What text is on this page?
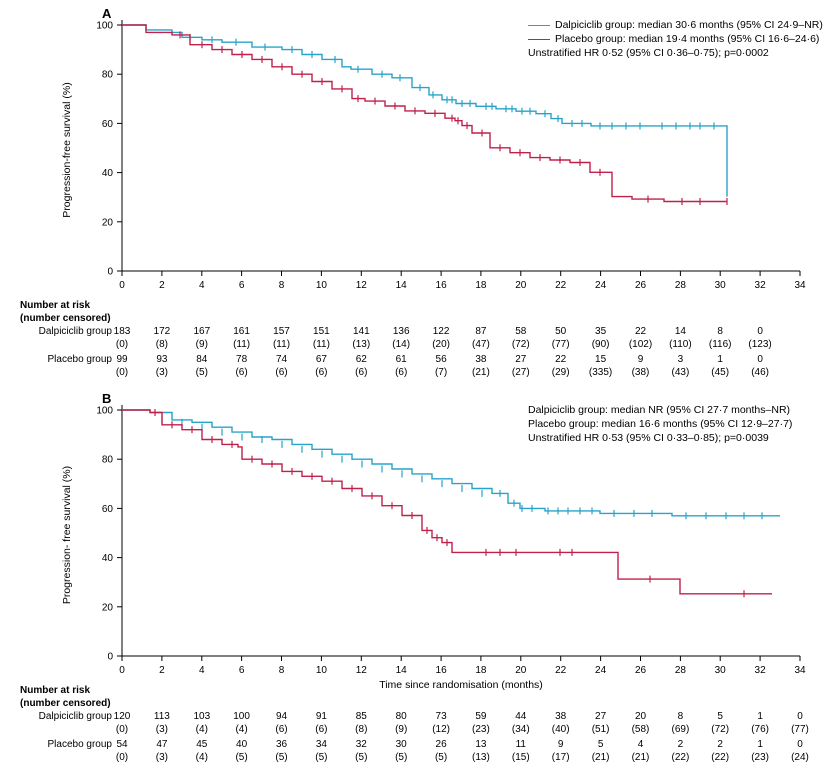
A
Dalpiciclib group: median 30·6 months (95% CI 24·9–NR)
Placebo group: median 19·4 months (95% CI 16·6–24·6)
Unstratified HR 0·52 (95% CI 0·36–0·75); p=0·0002
Progression-free survival (%)
0
20
40
60
80
100
0	2	4	6	8	10	12	14	16	18	20	22	24	26	28	30	32	34
Number at risk
(number censored)
Dalpiciclib group 183 172 167 161 157 151 141 136 122	87	58	50	35	22	14	8	0
(0)	(8)	(9)	(11) (11) (11) (13) (14) (20) (47) (72) (77) (90) (102) (110) (116) (123)
Placebo group 99	93	84	78	74	67	62	61	56	38	27	22	15	9	3	1	0
(0)	(3)	(5)	(6)	(6)	(6)	(6)	(6)	(7) (21) (27) (29) (335) (38) (43) (45) (46)
B
Dalpiciclib group: median NR (95% CI 27·7 months–NR)
Placebo group: median 16·6 months (95% CI 12·9–27·7)
Unstratified HR 0·53 (95% CI 0·33–0·85); p=0·0039
Progression- free survival (%)
0
20
40
60
80
100
0	2	4	6	8	10	12	14	16	18	20	22	24	26	28	30	32	34
Time since randomisation (months)
Number at risk
(number censored)
Dalpiciclib group 120 113 103 100	94	91	85	80	73	59	44	38	27	20	8	5	1	0
(0)	(3)	(4)	(4)	(6)	(6)	(8)	(9) (12) (23) (34) (40) (51) (58) (69) (72) (76) (77)
Placebo group 54	47	45	40	36	34	32	30	26	13	11	9	5	4	2	2	1	0
(0)	(3)	(4)	(5)	(5)	(5)	(5)	(5)	(5) (13) (15) (17) (21) (21) (22) (22) (23) (24)
